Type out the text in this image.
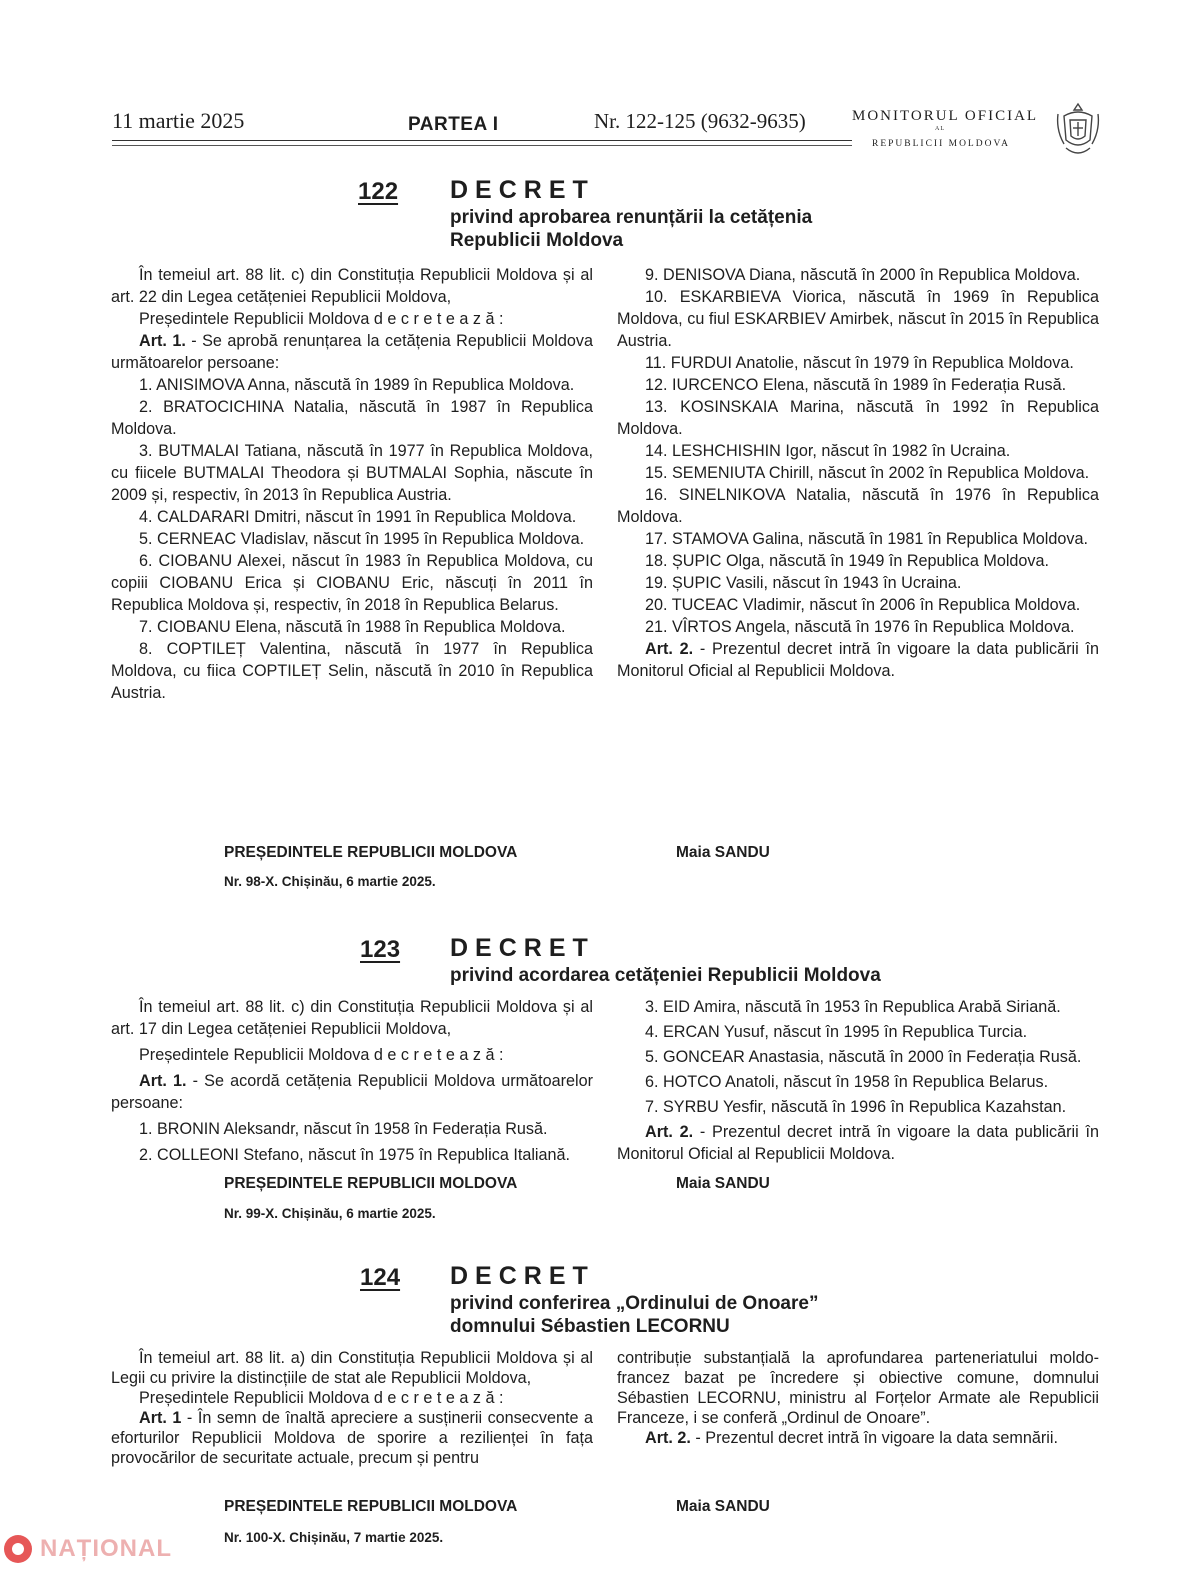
11 martie 2025	PARTEA I	Nr. 122-125 (9632-9635)	MONITORUL OFICIAL
AL
REPUBLICII MOLDOVA
122 DECRET
privind aprobarea renunțării la cetățenia
Republicii Moldova

În temeiul art. 88 lit. c) din Constituția Republicii Moldova și al art. 22 din Legea cetățeniei Republicii Moldova,

Președintele Republicii Moldova decretează:

Art. 1. - Se aprobă renunțarea la cetățenia Republicii Moldova următoarelor persoane:

1. ANISIMOVA Anna, născută în 1989 în Republica Moldova.

2. BRATOCICHINA Natalia, născută în 1987 în Republica Moldova.

3. BUTMALAI Tatiana, născută în 1977 în Republica Moldova, cu fiicele BUTMALAI Theodora și BUTMALAI Sophia, născute în 2009 și, respectiv, în 2013 în Republica Austria.

4. CALDARARI Dmitri, născut în 1991 în Republica Moldova.

5. CERNEAC Vladislav, născut în 1995 în Republica Moldova.

6. CIOBANU Alexei, născut în 1983 în Republica Moldova, cu copiii CIOBANU Erica și CIOBANU Eric, născuți în 2011 în Republica Moldova și, respectiv, în 2018 în Republica Belarus.

7. CIOBANU Elena, născută în 1988 în Republica Moldova.

8. COPTILEȚ Valentina, născută în 1977 în Republica Moldova, cu fiica COPTILEȚ Selin, născută în 2010 în Republica Austria.

9. DENISOVA Diana, născută în 2000 în Republica Moldova.

10. ESKARBIEVA Viorica, născută în 1969 în Republica Moldova, cu fiul ESKARBIEV Amirbek, născut în 2015 în Republica Austria.

11. FURDUI Anatolie, născut în 1979 în Republica Moldova.

12. IURCENCO Elena, născută în 1989 în Federația Rusă.

13. KOSINSKAIA Marina, născută în 1992 în Republica Moldova.

14. LESHCHISHIN Igor, născut în 1982 în Ucraina.

15. SEMENIUTA Chirill, născut în 2002 în Republica Moldova.

16. SINELNIKOVA Natalia, născută în 1976 în Republica Moldova.

17. STAMOVA Galina, născută în 1981 în Republica Moldova.

18. ȘUPIC Olga, născută în 1949 în Republica Moldova.

19. ȘUPIC Vasili, născut în 1943 în Ucraina.

20. TUCEAC Vladimir, născut în 2006 în Republica Moldova.

21. VÎRTOS Angela, născută în 1976 în Republica Moldova.

Art. 2. - Prezentul decret intră în vigoare la data publicării în Monitorul Oficial al Republicii Moldova.

PREȘEDINTELE REPUBLICII MOLDOVA	Maia SANDU
Nr. 98-X. Chișinău, 6 martie 2025.
123 DECRET
privind acordarea cetățeniei Republicii Moldova

În temeiul art. 88 lit. c) din Constituția Republicii Moldova și al art. 17 din Legea cetățeniei Republicii Moldova,

Președintele Republicii Moldova decretează:

Art. 1. - Se acordă cetățenia Republicii Moldova următoarelor persoane:

1. BRONIN Aleksandr, născut în 1958 în Federația Rusă.

2. COLLEONI Stefano, născut în 1975 în Republica Italiană.

3. EID Amira, născută în 1953 în Republica Arabă Siriană.

4. ERCAN Yusuf, născut în 1995 în Republica Turcia.

5. GONCEAR Anastasia, născută în 2000 în Federația Rusă.

6. HOTCO Anatoli, născut în 1958 în Republica Belarus.

7. SYRBU Yesfir, născută în 1996 în Republica Kazahstan.

Art. 2. - Prezentul decret intră în vigoare la data publicării în Monitorul Oficial al Republicii Moldova.

PREȘEDINTELE REPUBLICII MOLDOVA	Maia SANDU
Nr. 99-X. Chișinău, 6 martie 2025.
124 DECRET
privind conferirea „Ordinului de Onoare”
domnului Sébastien LECORNU

În temeiul art. 88 lit. a) din Constituția Republicii Moldova și al Legii cu privire la distincțiile de stat ale Republicii Moldova,

Președintele Republicii Moldova decretează:

Art. 1 - În semn de înaltă apreciere a susținerii consecvente a eforturilor Republicii Moldova de sporire a rezilienței în fața provocărilor de securitate actuale, precum și pentru

contribuție substanțială la aprofundarea parteneriatului moldo-francez bazat pe încredere și obiective comune, domnului Sébastien LECORNU, ministru al Forțelor Armate ale Republicii Franceze, i se conferă „Ordinul de Onoare”.

Art. 2. - Prezentul decret intră în vigoare la data semnării.

PREȘEDINTELE REPUBLICII MOLDOVA	Maia SANDU
Nr. 100-X. Chișinău, 7 martie 2025.
NAȚIONAL
